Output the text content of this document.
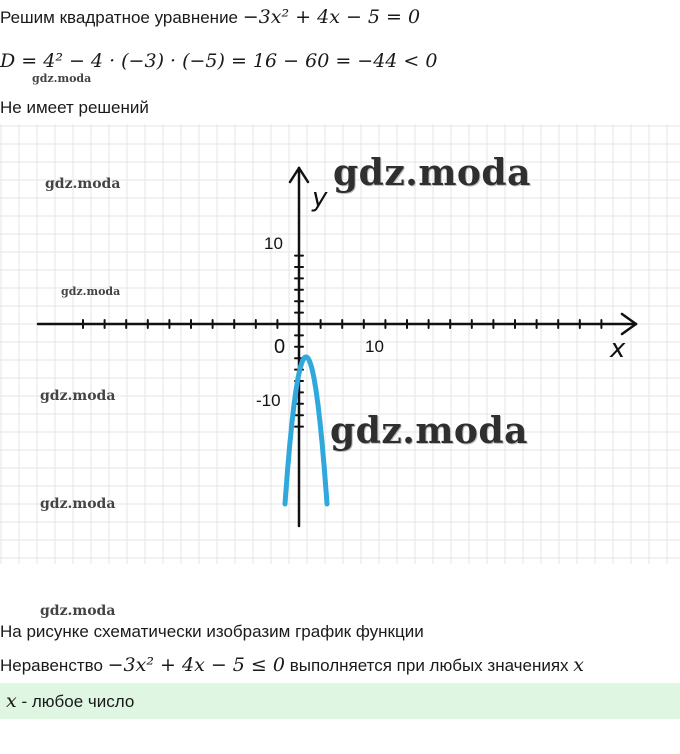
Решим квадратное уравнение −3x² + 4x − 5 = 0
D = 4² − 4 · (−3) · (−5) = 16 − 60 = −44 < 0
gdz.moda
Не имеет решений
y
x
0	10
10
-10
gdz.moda
gdz.moda
gdz.moda
gdz.moda
gdz.moda
gdz.moda
gdz.moda
На рисунке схематически изобразим график функции
Неравенство −3x² + 4x − 5 ≤ 0 выполняется при любых значениях x
x - любое число
